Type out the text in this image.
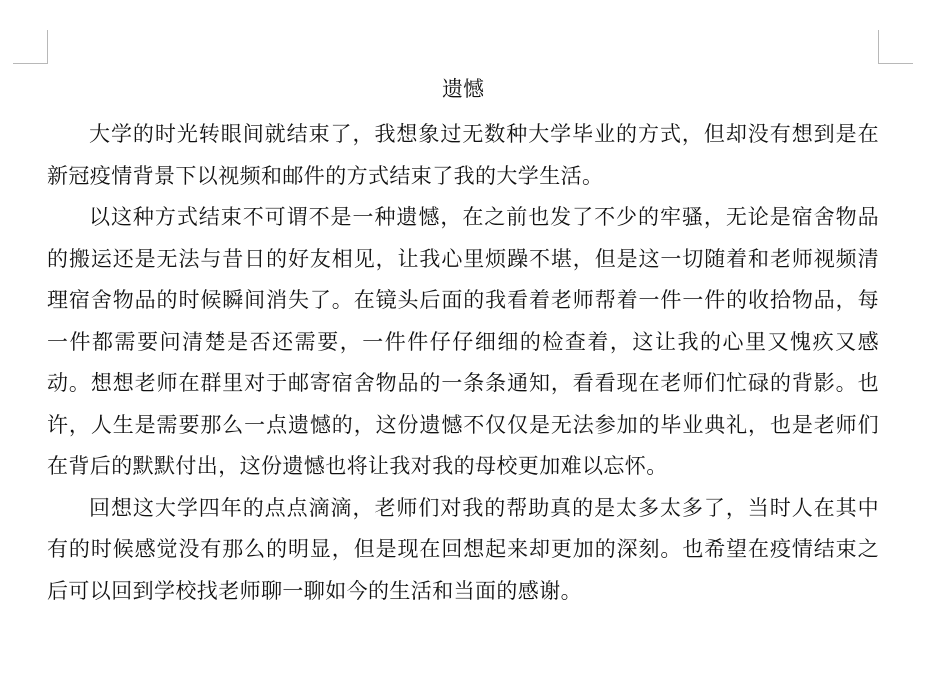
遗憾

大学的时光转眼间就结束了，我想象过无数种大学毕业的方式，但却没有想到是在新冠疫情背景下以视频和邮件的方式结束了我的大学生活。

以这种方式结束不可谓不是一种遗憾，在之前也发了不少的牢骚，无论是宿舍物品的搬运还是无法与昔日的好友相见，让我心里烦躁不堪，但是这一切随着和老师视频清理宿舍物品的时候瞬间消失了。在镜头后面的我看着老师帮着一件一件的收拾物品，每一件都需要问清楚是否还需要，一件件仔仔细细的检查着，这让我的心里又愧疚又感动。想想老师在群里对于邮寄宿舍物品的一条条通知，看看现在老师们忙碌的背影。也许，人生是需要那么一点遗憾的，这份遗憾不仅仅是无法参加的毕业典礼，也是老师们在背后的默默付出，这份遗憾也将让我对我的母校更加难以忘怀。

回想这大学四年的点点滴滴，老师们对我的帮助真的是太多太多了，当时人在其中有的时候感觉没有那么的明显，但是现在回想起来却更加的深刻。也希望在疫情结束之后可以回到学校找老师聊一聊如今的生活和当面的感谢。
